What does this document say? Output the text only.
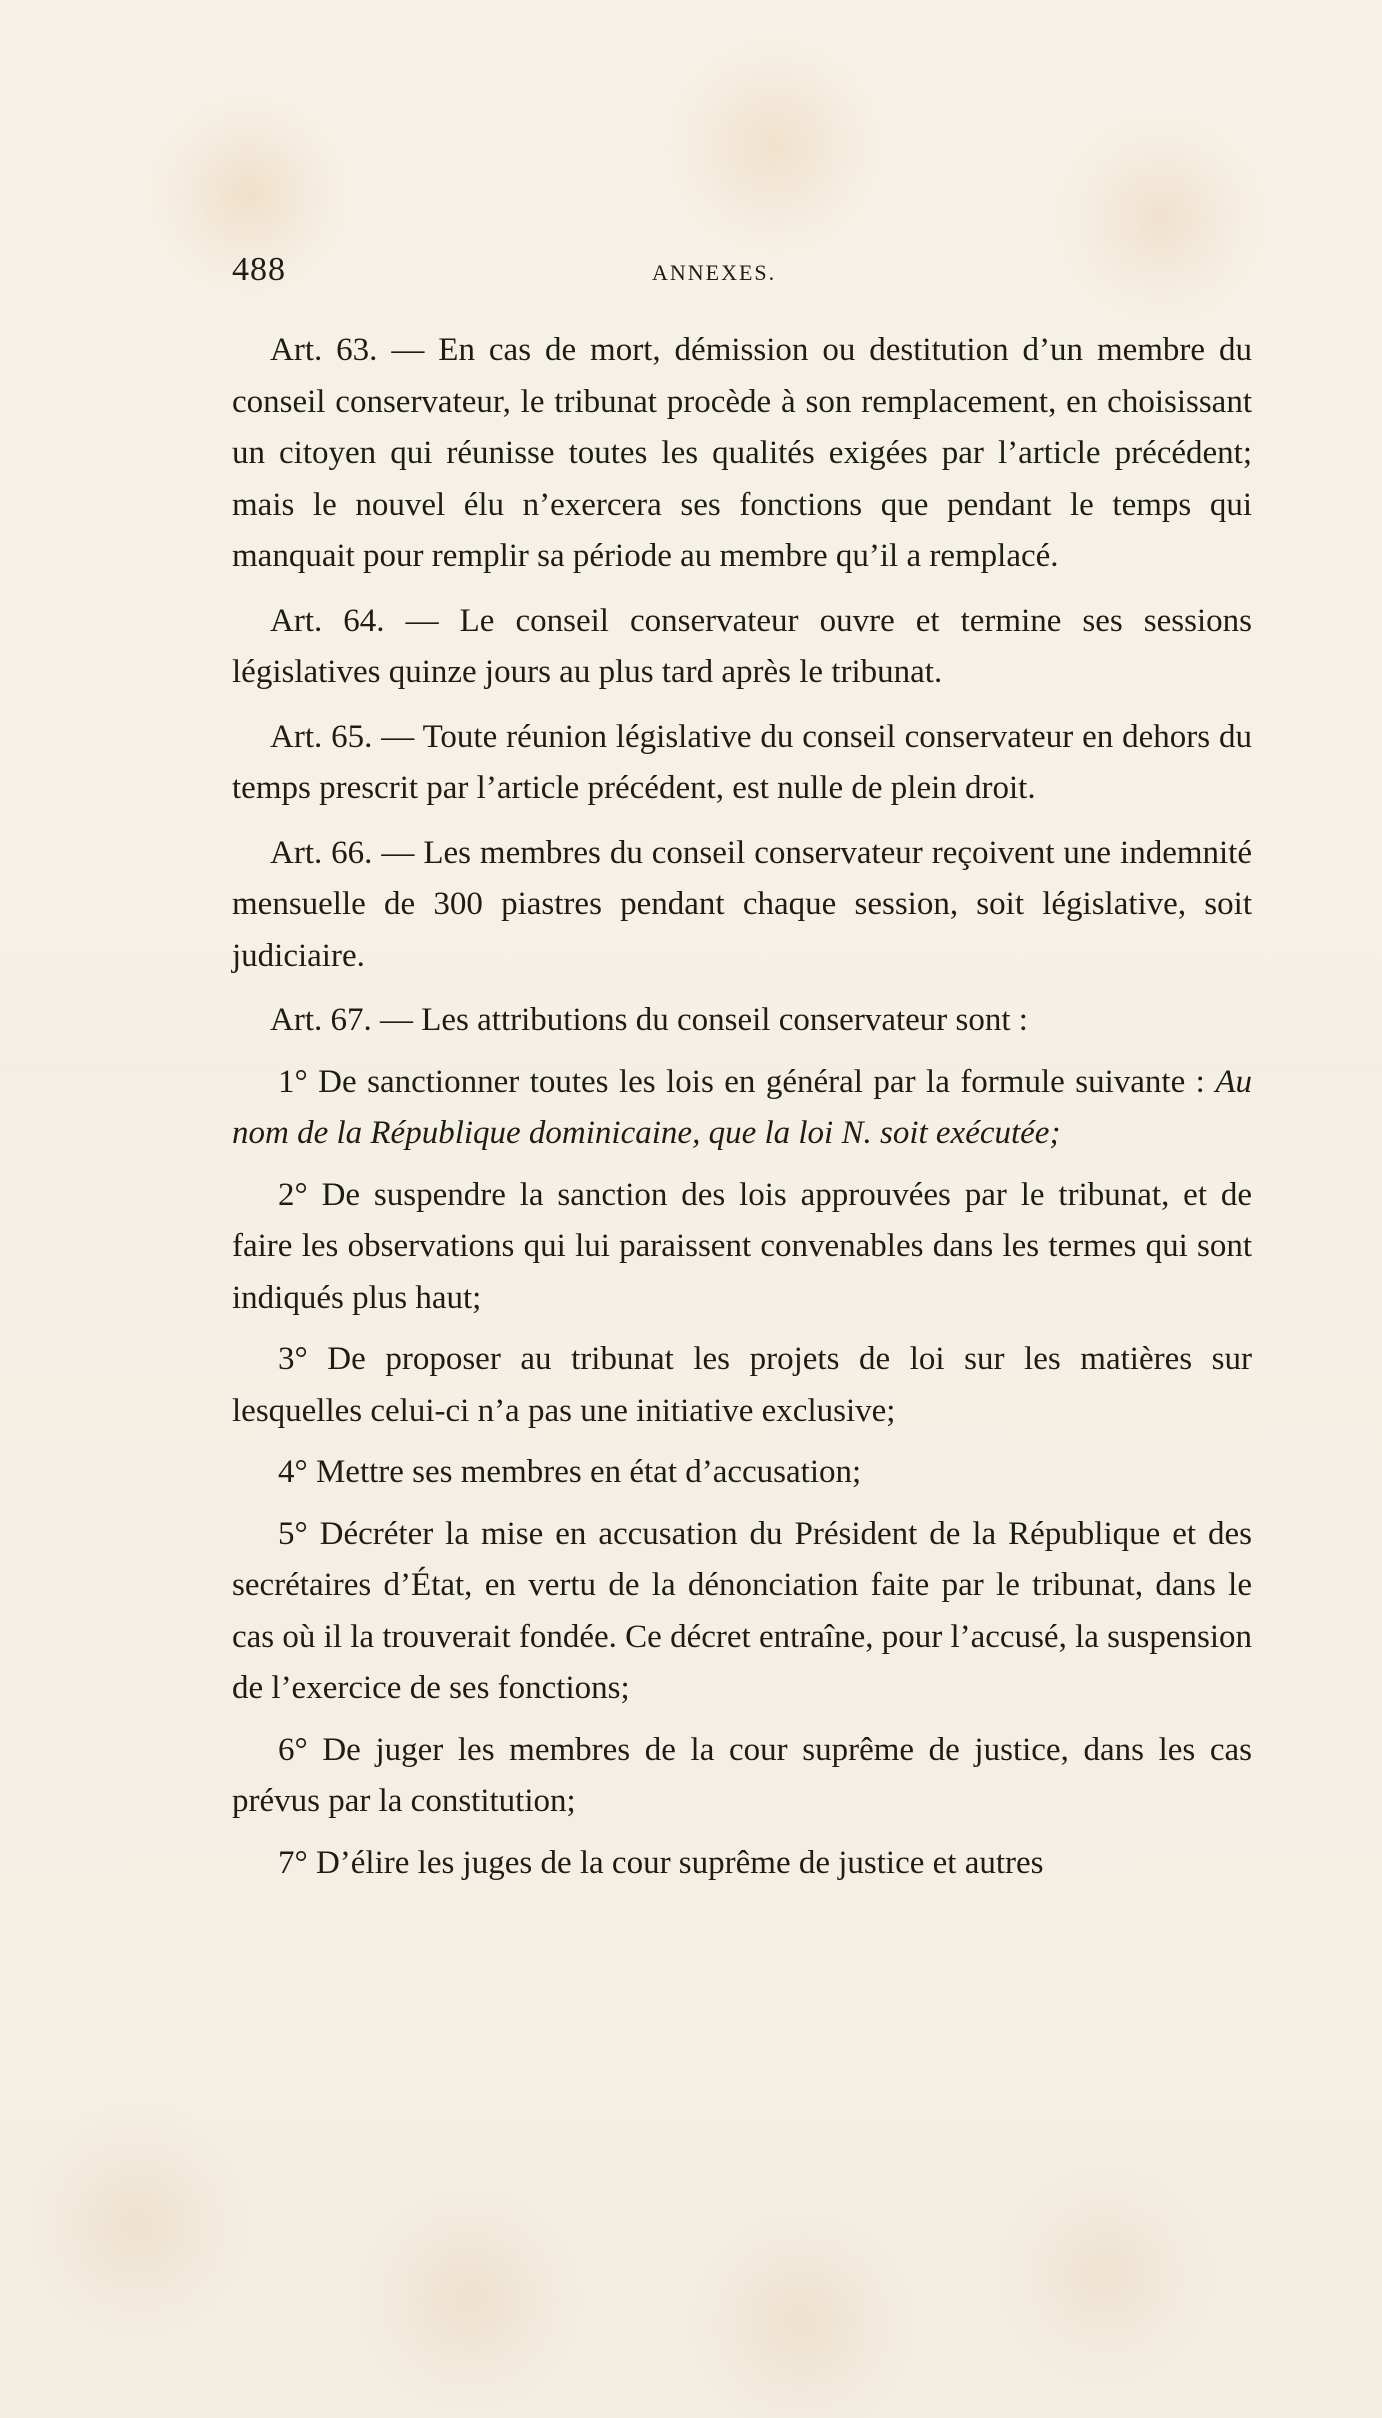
488	ANNEXES.

Art. 63. — En cas de mort, démission ou destitution d’un membre du conseil conservateur, le tribunat procède à son remplacement, en choisissant un citoyen qui réunisse toutes les qualités exigées par l’article précédent; mais le nouvel élu n’exercera ses fonctions que pendant le temps qui manquait pour remplir sa période au membre qu’il a remplacé.

Art. 64. — Le conseil conservateur ouvre et termine ses sessions législatives quinze jours au plus tard après le tribunat.

Art. 65. — Toute réunion législative du conseil conservateur en dehors du temps prescrit par l’article précédent, est nulle de plein droit.

Art. 66. — Les membres du conseil conservateur reçoivent une indemnité mensuelle de 300 piastres pendant chaque session, soit législative, soit judiciaire.

Art. 67. — Les attributions du conseil conservateur sont :

1° De sanctionner toutes les lois en général par la formule suivante : Au nom de la République dominicaine, que la loi N. soit exécutée;

2° De suspendre la sanction des lois approuvées par le tribunat, et de faire les observations qui lui paraissent convenables dans les termes qui sont indiqués plus haut;

3° De proposer au tribunat les projets de loi sur les matières sur lesquelles celui-ci n’a pas une initiative exclusive;

4° Mettre ses membres en état d’accusation;

5° Décréter la mise en accusation du Président de la République et des secrétaires d’État, en vertu de la dénonciation faite par le tribunat, dans le cas où il la trouverait fondée. Ce décret entraîne, pour l’accusé, la suspension de l’exercice de ses fonctions;

6° De juger les membres de la cour suprême de justice, dans les cas prévus par la constitution;

7° D’élire les juges de la cour suprême de justice et autres
